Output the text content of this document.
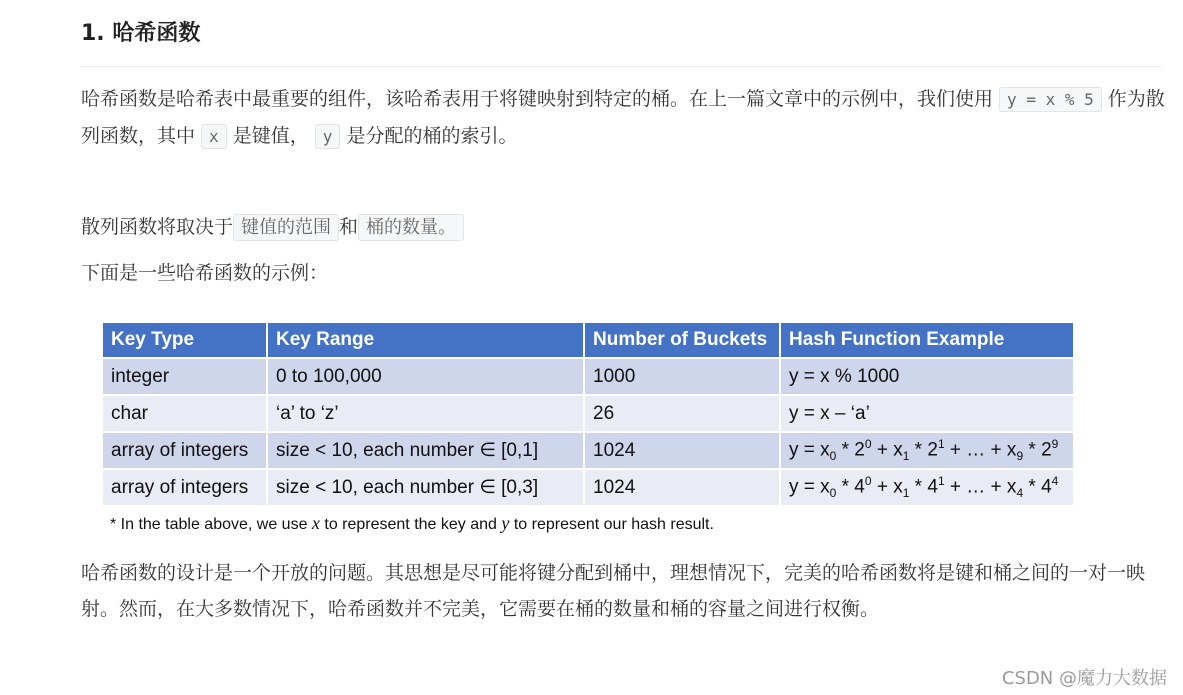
1. 哈希函数

哈希函数是哈希表中最重要的组件，该哈希表用于将键映射到特定的桶。在上一篇文章中的示例中，我们使用 y = x % 5 作为散列函数，其中 x 是键值， y 是分配的桶的索引。

散列函数将取决于 键值的范围 和 桶的数量。

下面是一些哈希函数的示例：

Key Type	Key Range	Number of Buckets	Hash Function Example
integer	0 to 100,000	1000	y = x % 1000
char	‘a’ to ‘z’	26	y = x – ‘a’
array of integers	size < 10, each number ∈ [0,1]	1024	$y = x_0 * 2^0 + x_1 * 2^1$ + … + $x_9 * 2^9$
array of integers	size < 10, each number ∈ [0,3]	1024	$y = x_0 * 4^0 + x_1 * 4^1$ + … + $x_4 * 4^4$

* In the table above, we use x to represent the key and y to represent our hash result.

哈希函数的设计是一个开放的问题。其思想是尽可能将键分配到桶中，理想情况下，完美的哈希函数将是键和桶之间的一对一映射。然而，在大多数情况下，哈希函数并不完美，它需要在桶的数量和桶的容量之间进行权衡。

CSDN @魔力大数据
